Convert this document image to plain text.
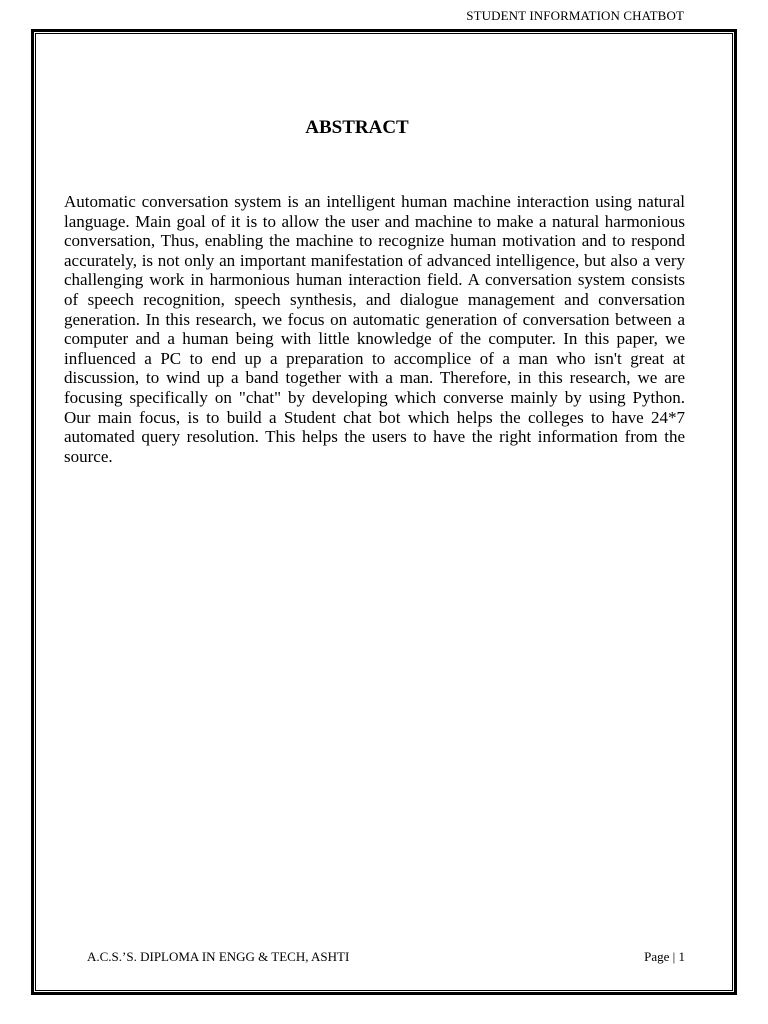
STUDENT INFORMATION CHATBOT
ABSTRACT

Automatic conversation system is an intelligent human machine interaction using natural language. Main goal of it is to allow the user and machine to make a natural harmonious conversation, Thus, enabling the machine to recognize human motivation and to respond accurately, is not only an important manifestation of advanced intelligence, but also a very challenging work in harmonious human interaction field. A conversation system consists of speech recognition, speech synthesis, and dialogue management and conversation generation. In this research, we focus on automatic generation of conversation between a computer and a human being with little knowledge of the computer. In this paper, we influenced a PC to end up a preparation to accomplice of a man who isn't great at discussion, to wind up a band together with a man. Therefore, in this research, we are focusing specifically on "chat" by developing which converse mainly by using Python. Our main focus, is to build a Student chat bot which helps the colleges to have 24*7 automated query resolution. This helps the users to have the right information from the source.

A.C.S.’S. DIPLOMA IN ENGG & TECH, ASHTI	Page | 1
